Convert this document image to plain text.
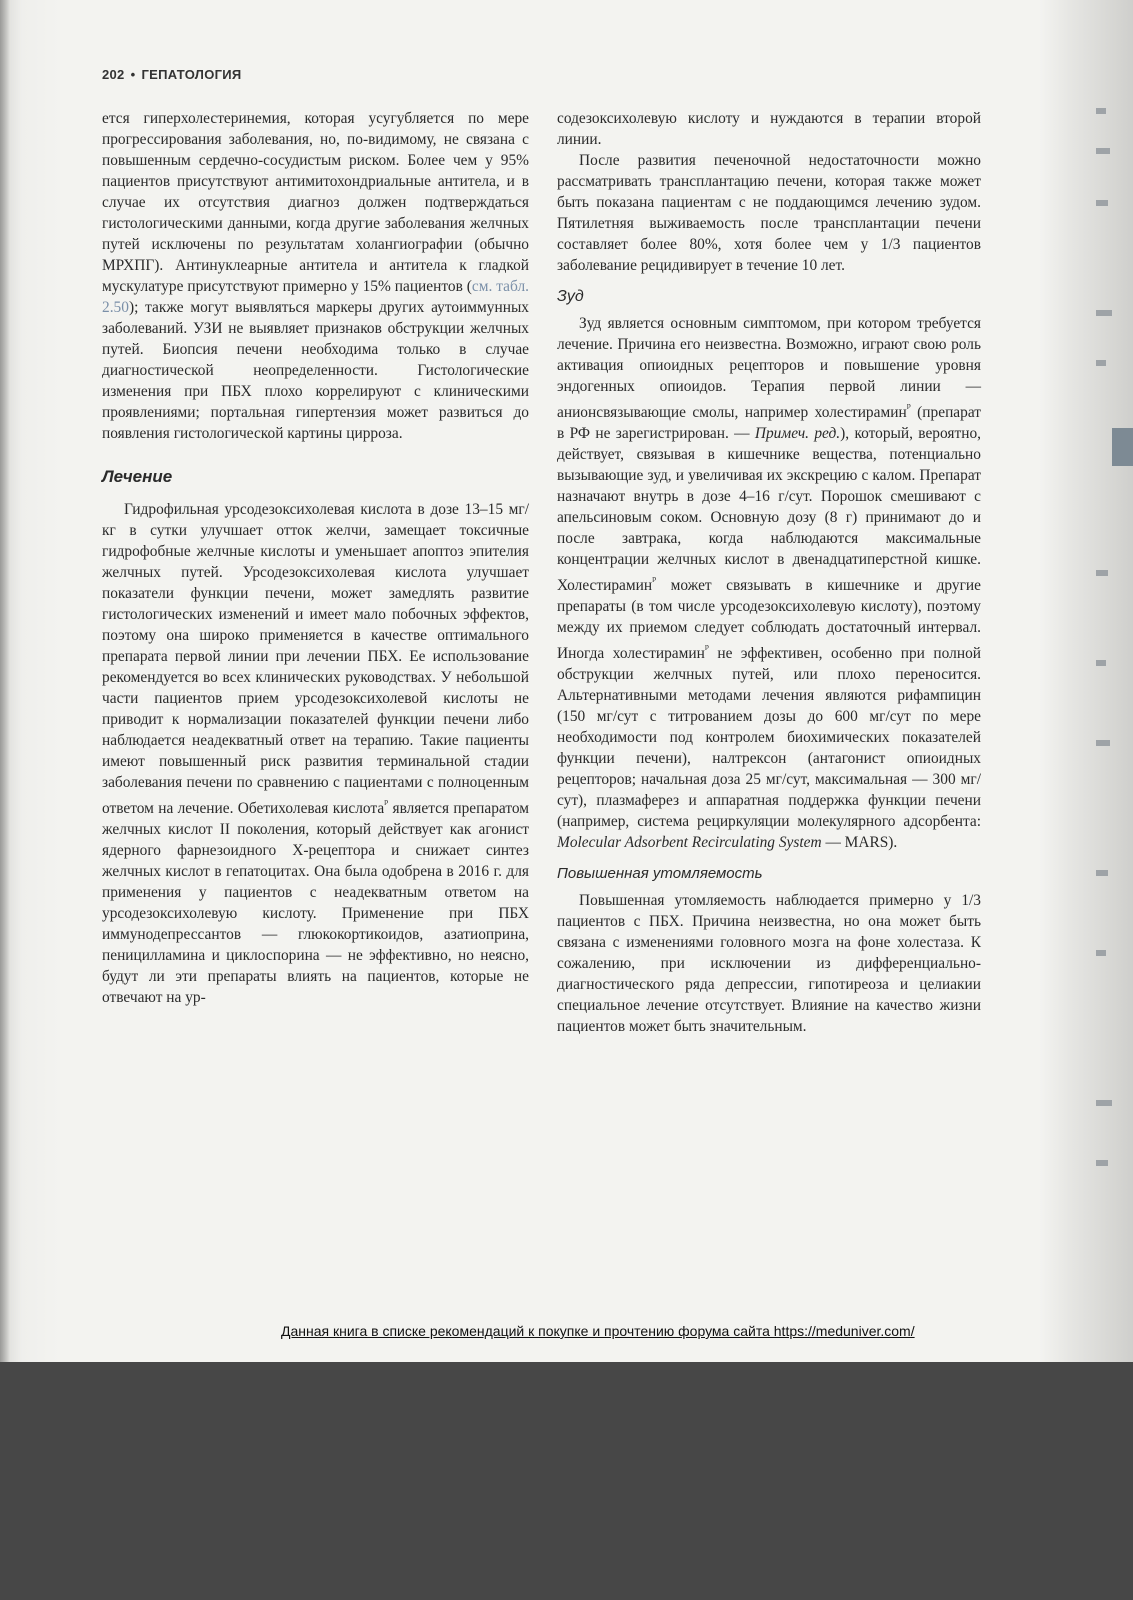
202 • ГЕПАТОЛОГИЯ

ется гиперхолестеринемия, которая усугубляется по мере прогрессирования заболевания, но, по-видимому, не связана с повышенным сердечно-сосудистым риском. Более чем у 95% пациентов присутствуют антимитохондриальные антитела, и в случае их отсутствия диагноз должен подтверждаться гистологическими данными, когда другие заболевания желчных путей исключены по результатам холангиографии (обычно МРХПГ). Антинуклеарные антитела и антитела к гладкой мускулатуре присутствуют примерно у 15% пациентов (см. табл. 2.50); также могут выявляться маркеры других аутоиммунных заболеваний. УЗИ не выявляет признаков обструкции желчных путей. Биопсия печени необходима только в случае диагностической неопределенности. Гистологические изменения при ПБХ плохо коррелируют с клиническими проявлениями; портальная гипертензия может развиться до появления гистологической картины цирроза.

Лечение

Гидрофильная урсодезоксихолевая кислота в дозе 13–15 мг/кг в сутки улучшает отток желчи, замещает токсичные гидрофобные желчные кислоты и уменьшает апоптоз эпителия желчных путей. Урсодезоксихолевая кислота улучшает показатели функции печени, может замедлять развитие гистологических изменений и имеет мало побочных эффектов, поэтому она широко применяется в качестве оптимального препарата первой линии при лечении ПБХ. Ее использование рекомендуется во всех клинических руководствах. У небольшой части пациентов прием урсодезоксихолевой кислоты не приводит к нормализации показателей функции печени либо наблюдается неадекватный ответ на терапию. Такие пациенты имеют повышенный риск развития терминальной стадии заболевания печени по сравнению с пациентами с полноценным ответом на лечение. Обетихолевая кислота$^ᵖ$ является препаратом желчных кислот II поколения, который действует как агонист ядерного фарнезоидного X-рецептора и снижает синтез желчных кислот в гепатоцитах. Она была одобрена в 2016 г. для применения у пациентов с неадекватным ответом на урсодезоксихолевую кислоту. Применение при ПБХ иммунодепрессантов — глюкокортикоидов, азатиоприна, пеницилламина и циклоспорина — не эффективно, но неясно, будут ли эти препараты влиять на пациентов, которые не отвечают на ур-

содезоксихолевую кислоту и нуждаются в терапии второй линии.

После развития печеночной недостаточности можно рассматривать трансплантацию печени, которая также может быть показана пациентам с не поддающимся лечению зудом. Пятилетняя выживаемость после трансплантации печени составляет более 80%, хотя более чем у 1/3 пациентов заболевание рецидивирует в течение 10 лет.

Зуд

Зуд является основным симптомом, при котором требуется лечение. Причина его неизвестна. Возможно, играют свою роль активация опиоидных рецепторов и повышение уровня эндогенных опиоидов. Терапия первой линии — анионсвязывающие смолы, например холестирамин$^ᵖ$ (препарат в РФ не зарегистрирован. — Примеч. ред.), который, вероятно, действует, связывая в кишечнике вещества, потенциально вызывающие зуд, и увеличивая их экскрецию с калом. Препарат назначают внутрь в дозе 4–16 г/сут. Порошок смешивают с апельсиновым соком. Основную дозу (8 г) принимают до и после завтрака, когда наблюдаются максимальные концентрации желчных кислот в двенадцатиперстной кишке. Холестирамин$^ᵖ$ может связывать в кишечнике и другие препараты (в том числе урсодезоксихолевую кислоту), поэтому между их приемом следует соблюдать достаточный интервал. Иногда холестирамин$^ᵖ$ не эффективен, особенно при полной обструкции желчных путей, или плохо переносится. Альтернативными методами лечения являются рифампицин (150 мг/сут с титрованием дозы до 600 мг/сут по мере необходимости под контролем биохимических показателей функции печени), налтрексон (антагонист опиоидных рецепторов; начальная доза 25 мг/сут, максимальная — 300 мг/сут), плазмаферез и аппаратная поддержка функции печени (например, система рециркуляции молекулярного адсорбента: Molecular Adsorbent Recirculating System — MARS).

Повышенная утомляемость

Повышенная утомляемость наблюдается примерно у 1/3 пациентов с ПБХ. Причина неизвестна, но она может быть связана с изменениями головного мозга на фоне холестаза. К сожалению, при исключении из дифференциально-диагностического ряда депрессии, гипотиреоза и целиакии специальное лечение отсутствует. Влияние на качество жизни пациентов может быть значительным.

Данная книга в списке рекомендаций к покупке и прочтению форума сайта https://meduniver.com/
